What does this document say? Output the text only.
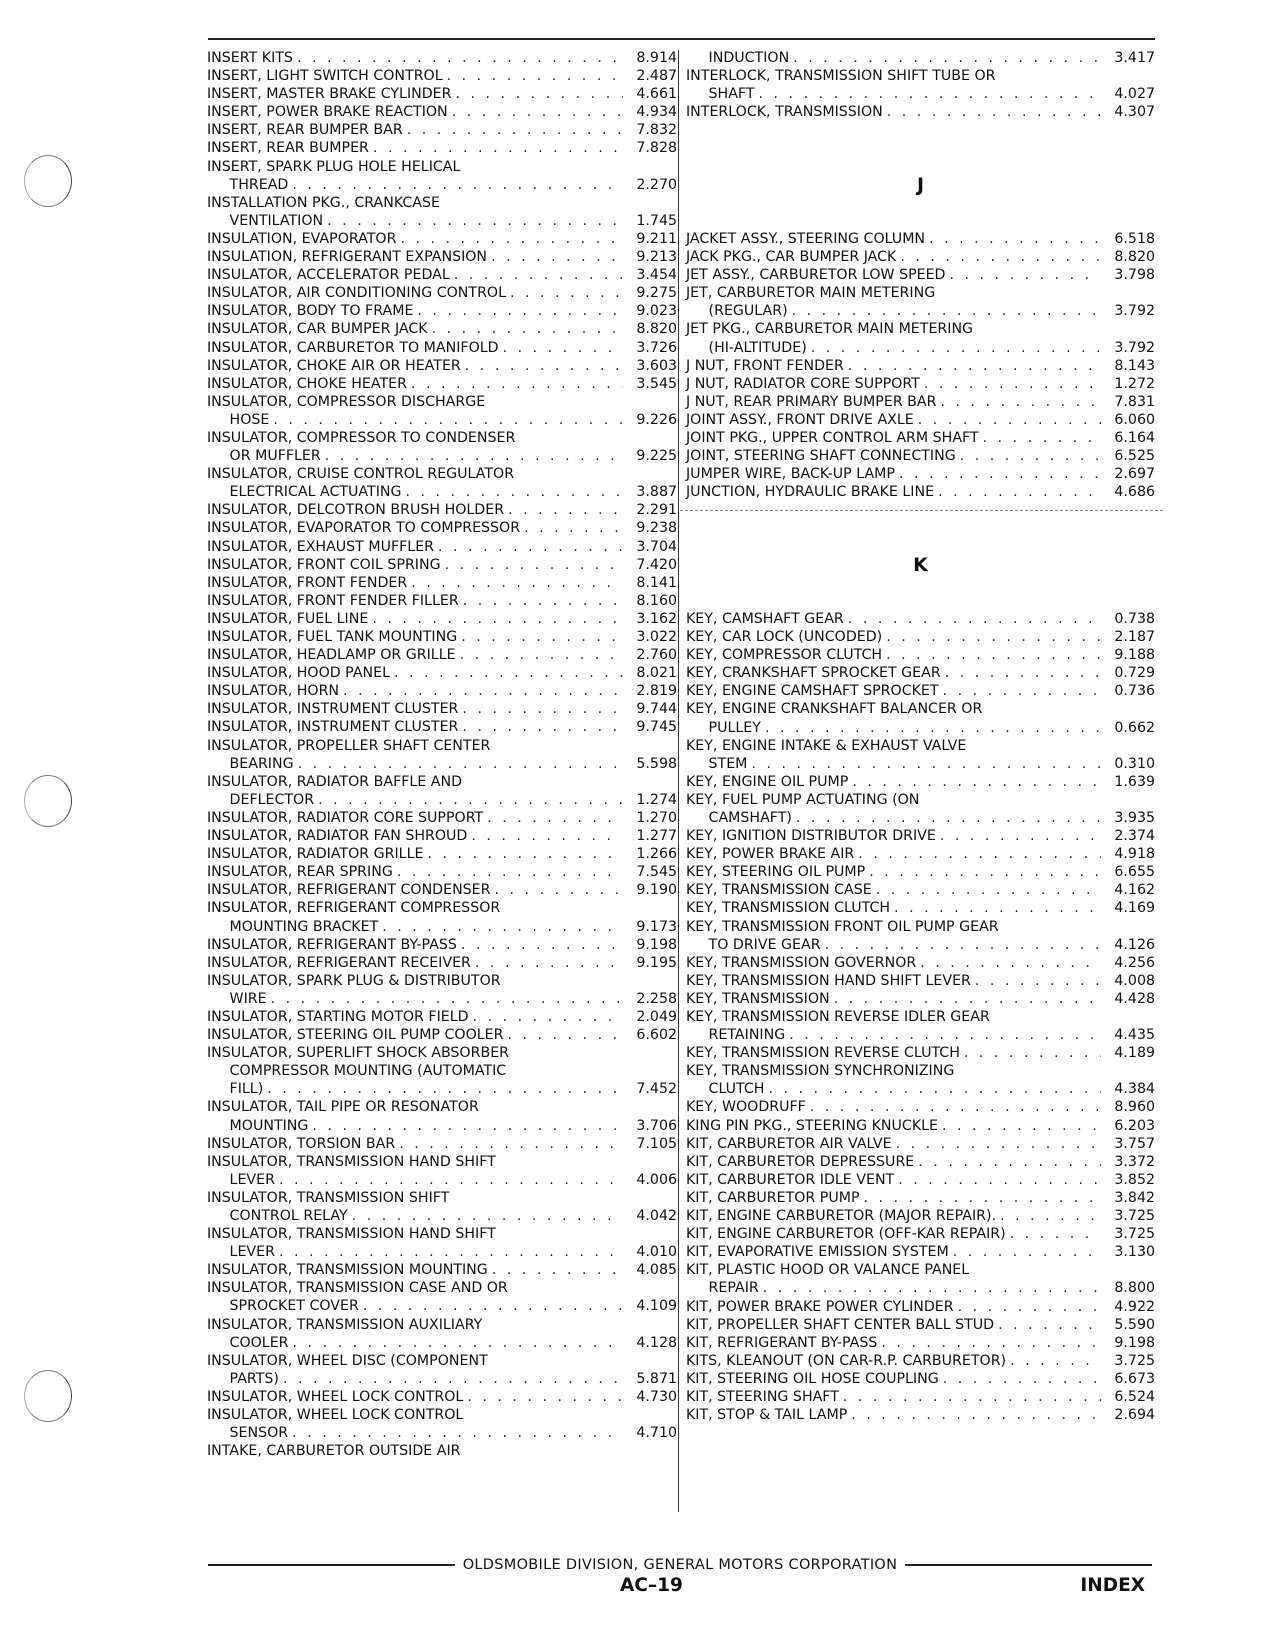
INSERT KITS . . .	8.914
INSERT, LIGHT SWITCH CONTROL . . .	2.487
INSERT, MASTER BRAKE CYLINDER . . .	4.661
INSERT, POWER BRAKE REACTION . . .	4.934
INSERT, REAR BUMPER BAR . . .	7.832
INSERT, REAR BUMPER . . .	7.828
INSERT, SPARK PLUG HOLE HELICAL
THREAD . . .	2.270
INSTALLATION PKG., CRANKCASE
VENTILATION . . .	1.745
INSULATION, EVAPORATOR . . .	9.211
INSULATION, REFRIGERANT EXPANSION . . .	9.213
INSULATOR, ACCELERATOR PEDAL . . .	3.454
INSULATOR, AIR CONDITIONING CONTROL . . .	9.275
INSULATOR, BODY TO FRAME . . .	9.023
INSULATOR, CAR BUMPER JACK . . .	8.820
INSULATOR, CARBURETOR TO MANIFOLD . . .	3.726
INSULATOR, CHOKE AIR OR HEATER . . .	3.603
INSULATOR, CHOKE HEATER . . .	3.545
INSULATOR, COMPRESSOR DISCHARGE
HOSE . . .	9.226
INSULATOR, COMPRESSOR TO CONDENSER
OR MUFFLER . . .	9.225
INSULATOR, CRUISE CONTROL REGULATOR
ELECTRICAL ACTUATING . . .	3.887
INSULATOR, DELCOTRON BRUSH HOLDER . . .	2.291
INSULATOR, EVAPORATOR TO COMPRESSOR . . .	9.238
INSULATOR, EXHAUST MUFFLER . . .	3.704
INSULATOR, FRONT COIL SPRING . . .	7.420
INSULATOR, FRONT FENDER . . .	8.141
INSULATOR, FRONT FENDER FILLER . . .	8.160
INSULATOR, FUEL LINE . . .	3.162
INSULATOR, FUEL TANK MOUNTING . . .	3.022
INSULATOR, HEADLAMP OR GRILLE . . .	2.760
INSULATOR, HOOD PANEL . . .	8.021
INSULATOR, HORN . . .	2.819
INSULATOR, INSTRUMENT CLUSTER . . .	9.744
INSULATOR, INSTRUMENT CLUSTER . . .	9.745
INSULATOR, PROPELLER SHAFT CENTER
BEARING . . .	5.598
INSULATOR, RADIATOR BAFFLE AND
DEFLECTOR . . .	1.274
INSULATOR, RADIATOR CORE SUPPORT . . .	1.270
INSULATOR, RADIATOR FAN SHROUD . . .	1.277
INSULATOR, RADIATOR GRILLE . . .	1.266
INSULATOR, REAR SPRING . . .	7.545
INSULATOR, REFRIGERANT CONDENSER . . .	9.190
INSULATOR, REFRIGERANT COMPRESSOR
MOUNTING BRACKET . . .	9.173
INSULATOR, REFRIGERANT BY-PASS . . .	9.198
INSULATOR, REFRIGERANT RECEIVER . . .	9.195
INSULATOR, SPARK PLUG & DISTRIBUTOR
WIRE . . .	2.258
INSULATOR, STARTING MOTOR FIELD . . .	2.049
INSULATOR, STEERING OIL PUMP COOLER . . .	6.602
INSULATOR, SUPERLIFT SHOCK ABSORBER
COMPRESSOR MOUNTING (AUTOMATIC
FILL) . . .	7.452
INSULATOR, TAIL PIPE OR RESONATOR
MOUNTING . . .	3.706
INSULATOR, TORSION BAR . . .	7.105
INSULATOR, TRANSMISSION HAND SHIFT
LEVER . . .	4.006
INSULATOR, TRANSMISSION SHIFT
CONTROL RELAY . . .	4.042
INSULATOR, TRANSMISSION HAND SHIFT
LEVER . . .	4.010
INSULATOR, TRANSMISSION MOUNTING . . .	4.085
INSULATOR, TRANSMISSION CASE AND OR
SPROCKET COVER . . .	4.109
INSULATOR, TRANSMISSION AUXILIARY
COOLER . . .	4.128
INSULATOR, WHEEL DISC (COMPONENT
PARTS) . . .	5.871
INSULATOR, WHEEL LOCK CONTROL . . .	4.730
INSULATOR, WHEEL LOCK CONTROL
SENSOR . . .	4.710
INTAKE, CARBURETOR OUTSIDE AIR
INDUCTION . . .	3.417
INTERLOCK, TRANSMISSION SHIFT TUBE OR
SHAFT . . .	4.027
INTERLOCK, TRANSMISSION . . .	4.307
J
JACKET ASSY., STEERING COLUMN . . .	6.518
JACK PKG., CAR BUMPER JACK . . .	8.820
JET ASSY., CARBURETOR LOW SPEED . . .	3.798
JET, CARBURETOR MAIN METERING
(REGULAR) . . .	3.792
JET PKG., CARBURETOR MAIN METERING
(HI-ALTITUDE) . . .	3.792
J NUT, FRONT FENDER . . .	8.143
J NUT, RADIATOR CORE SUPPORT . . .	1.272
J NUT, REAR PRIMARY BUMPER BAR . . .	7.831
JOINT ASSY., FRONT DRIVE AXLE . . .	6.060
JOINT PKG., UPPER CONTROL ARM SHAFT . . .	6.164
JOINT, STEERING SHAFT CONNECTING . . .	6.525
JUMPER WIRE, BACK-UP LAMP . . .	2.697
JUNCTION, HYDRAULIC BRAKE LINE . . .	4.686
K
KEY, CAMSHAFT GEAR . . .	0.738
KEY, CAR LOCK (UNCODED) . . .	2.187
KEY, COMPRESSOR CLUTCH . . .	9.188
KEY, CRANKSHAFT SPROCKET GEAR . . .	0.729
KEY, ENGINE CAMSHAFT SPROCKET . . .	0.736
KEY, ENGINE CRANKSHAFT BALANCER OR
PULLEY . . .	0.662
KEY, ENGINE INTAKE & EXHAUST VALVE
STEM . . .	0.310
KEY, ENGINE OIL PUMP . . .	1.639
KEY, FUEL PUMP ACTUATING (ON
CAMSHAFT) . . .	3.935
KEY, IGNITION DISTRIBUTOR DRIVE . . .	2.374
KEY, POWER BRAKE AIR . . .	4.918
KEY, STEERING OIL PUMP . . .	6.655
KEY, TRANSMISSION CASE . . .	4.162
KEY, TRANSMISSION CLUTCH . . .	4.169
KEY, TRANSMISSION FRONT OIL PUMP GEAR
TO DRIVE GEAR . . .	4.126
KEY, TRANSMISSION GOVERNOR . . .	4.256
KEY, TRANSMISSION HAND SHIFT LEVER . . .	4.008
KEY, TRANSMISSION . . .	4.428
KEY, TRANSMISSION REVERSE IDLER GEAR
RETAINING . . .	4.435
KEY, TRANSMISSION REVERSE CLUTCH . . .	4.189
KEY, TRANSMISSION SYNCHRONIZING
CLUTCH . . .	4.384
KEY, WOODRUFF . . .	8.960
KING PIN PKG., STEERING KNUCKLE . . .	6.203
KIT, CARBURETOR AIR VALVE . . .	3.757
KIT, CARBURETOR DEPRESSURE . . .	3.372
KIT, CARBURETOR IDLE VENT . . .	3.852
KIT, CARBURETOR PUMP . . .	3.842
KIT, ENGINE CARBURETOR (MAJOR REPAIR). . . .	3.725
KIT, ENGINE CARBURETOR (OFF-KAR REPAIR) . . .	3.725
KIT, EVAPORATIVE EMISSION SYSTEM . . .	3.130
KIT, PLASTIC HOOD OR VALANCE PANEL
REPAIR . . .	8.800
KIT, POWER BRAKE POWER CYLINDER . . .	4.922
KIT, PROPELLER SHAFT CENTER BALL STUD . . .	5.590
KIT, REFRIGERANT BY-PASS . . .	9.198
KITS, KLEANOUT (ON CAR-R.P. CARBURETOR) . . .	3.725
KIT, STEERING OIL HOSE COUPLING . . .	6.673
KIT, STEERING SHAFT . . .	6.524
KIT, STOP & TAIL LAMP . . .	2.694
OLDSMOBILE DIVISION, GENERAL MOTORS CORPORATION
AC–19	INDEX
